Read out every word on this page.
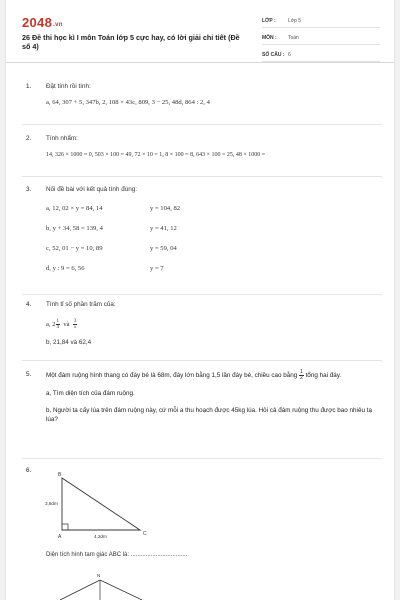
2048.vn
26 Đề thi học kì I môn Toán lớp 5 cực hay, có lời giải chi tiết (Đề số 4)
LỚP :	Lớp 5
MÔN :	Toán
SỐ CÂU : 6
1. Đặt tính rồi tính:
a, 64, 307 + 5, 347b, 2, 108 × 43c, 809, 3 − 25, 48d, 864 : 2, 4
2. Tính nhẩm:
14, 326 × 1000 = 0, 503 × 100 = 49, 72 × 10 = 1, 8 × 100 = 8, 643 × 100 = 25, 48 × 1000 =
3. Nối đề bài với kết quả tính đúng:
a, 12, 02 × y = 84, 14	y = 104, 82
b, y + 34, 58 = 139, 4	y = 41, 12
c, 52, 01 − y = 10, 89	y = 59, 04
d, y : 9 = 6, 56	y = 7
4. Tính tỉ số phần trăm của:
a, $2 \frac{1}{4}$ và $\frac{3}{5}$
b, 21,84 và 62,4
5. Một đám ruộng hình thang có đáy bé là 68m, đáy lớn bằng 1,5 lần đáy bé, chiều cao bằng $\frac{1}{2}$ tổng hai đáy.
a, Tìm diện tích của đám ruộng.
b, Người ta cấy lúa trên đám ruộng này, cứ mỗi a thu hoạch được 45kg lúa. Hỏi cả đám ruộng thu được bao nhiêu tạ lúa?
6.
B
A	C
3,8dm
4,2dm
Diện tích hình tam giác ABC là: ..................................
N
